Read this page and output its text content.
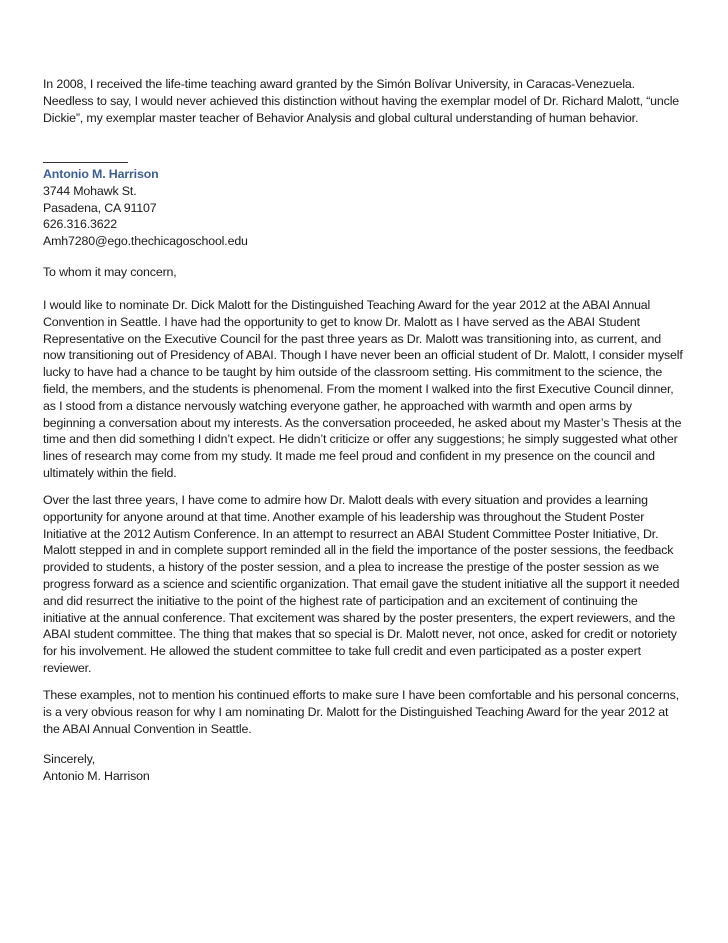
In 2008, I received the life-time teaching award granted by the Simón Bolívar University, in Caracas-Venezuela. Needless to say, I would never achieved this distinction without having the exemplar model of Dr. Richard Malott, “uncle Dickie”, my exemplar master teacher of Behavior Analysis and global cultural understanding of human behavior.

Antonio M. Harrison

3744 Mohawk St.

Pasadena, CA 91107

626.316.3622

Amh7280@ego.thechicagoschool.edu

To whom it may concern,

I would like to nominate Dr. Dick Malott for the Distinguished Teaching Award for the year 2012 at the ABAI Annual Convention in Seattle. I have had the opportunity to get to know Dr. Malott as I have served as the ABAI Student Representative on the Executive Council for the past three years as Dr. Malott was transitioning into, as current, and now transitioning out of Presidency of ABAI. Though I have never been an official student of Dr. Malott, I consider myself lucky to have had a chance to be taught by him outside of the classroom setting. His commitment to the science, the field, the members, and the students is phenomenal. From the moment I walked into the first Executive Council dinner, as I stood from a distance nervously watching everyone gather, he approached with warmth and open arms by beginning a conversation about my interests. As the conversation proceeded, he asked about my Master’s Thesis at the time and then did something I didn’t expect. He didn’t criticize or offer any suggestions; he simply suggested what other lines of research may come from my study. It made me feel proud and confident in my presence on the council and ultimately within the field.

Over the last three years, I have come to admire how Dr. Malott deals with every situation and provides a learning opportunity for anyone around at that time. Another example of his leadership was throughout the Student Poster Initiative at the 2012 Autism Conference. In an attempt to resurrect an ABAI Student Committee Poster Initiative, Dr. Malott stepped in and in complete support reminded all in the field the importance of the poster sessions, the feedback provided to students, a history of the poster session, and a plea to increase the prestige of the poster session as we progress forward as a science and scientific organization. That email gave the student initiative all the support it needed and did resurrect the initiative to the point of the highest rate of participation and an excitement of continuing the initiative at the annual conference. That excitement was shared by the poster presenters, the expert reviewers, and the ABAI student committee. The thing that makes that so special is Dr. Malott never, not once, asked for credit or notoriety for his involvement. He allowed the student committee to take full credit and even participated as a poster expert reviewer.

These examples, not to mention his continued efforts to make sure I have been comfortable and his personal concerns, is a very obvious reason for why I am nominating Dr. Malott for the Distinguished Teaching Award for the year 2012 at the ABAI Annual Convention in Seattle.

Sincerely,

Antonio M. Harrison
